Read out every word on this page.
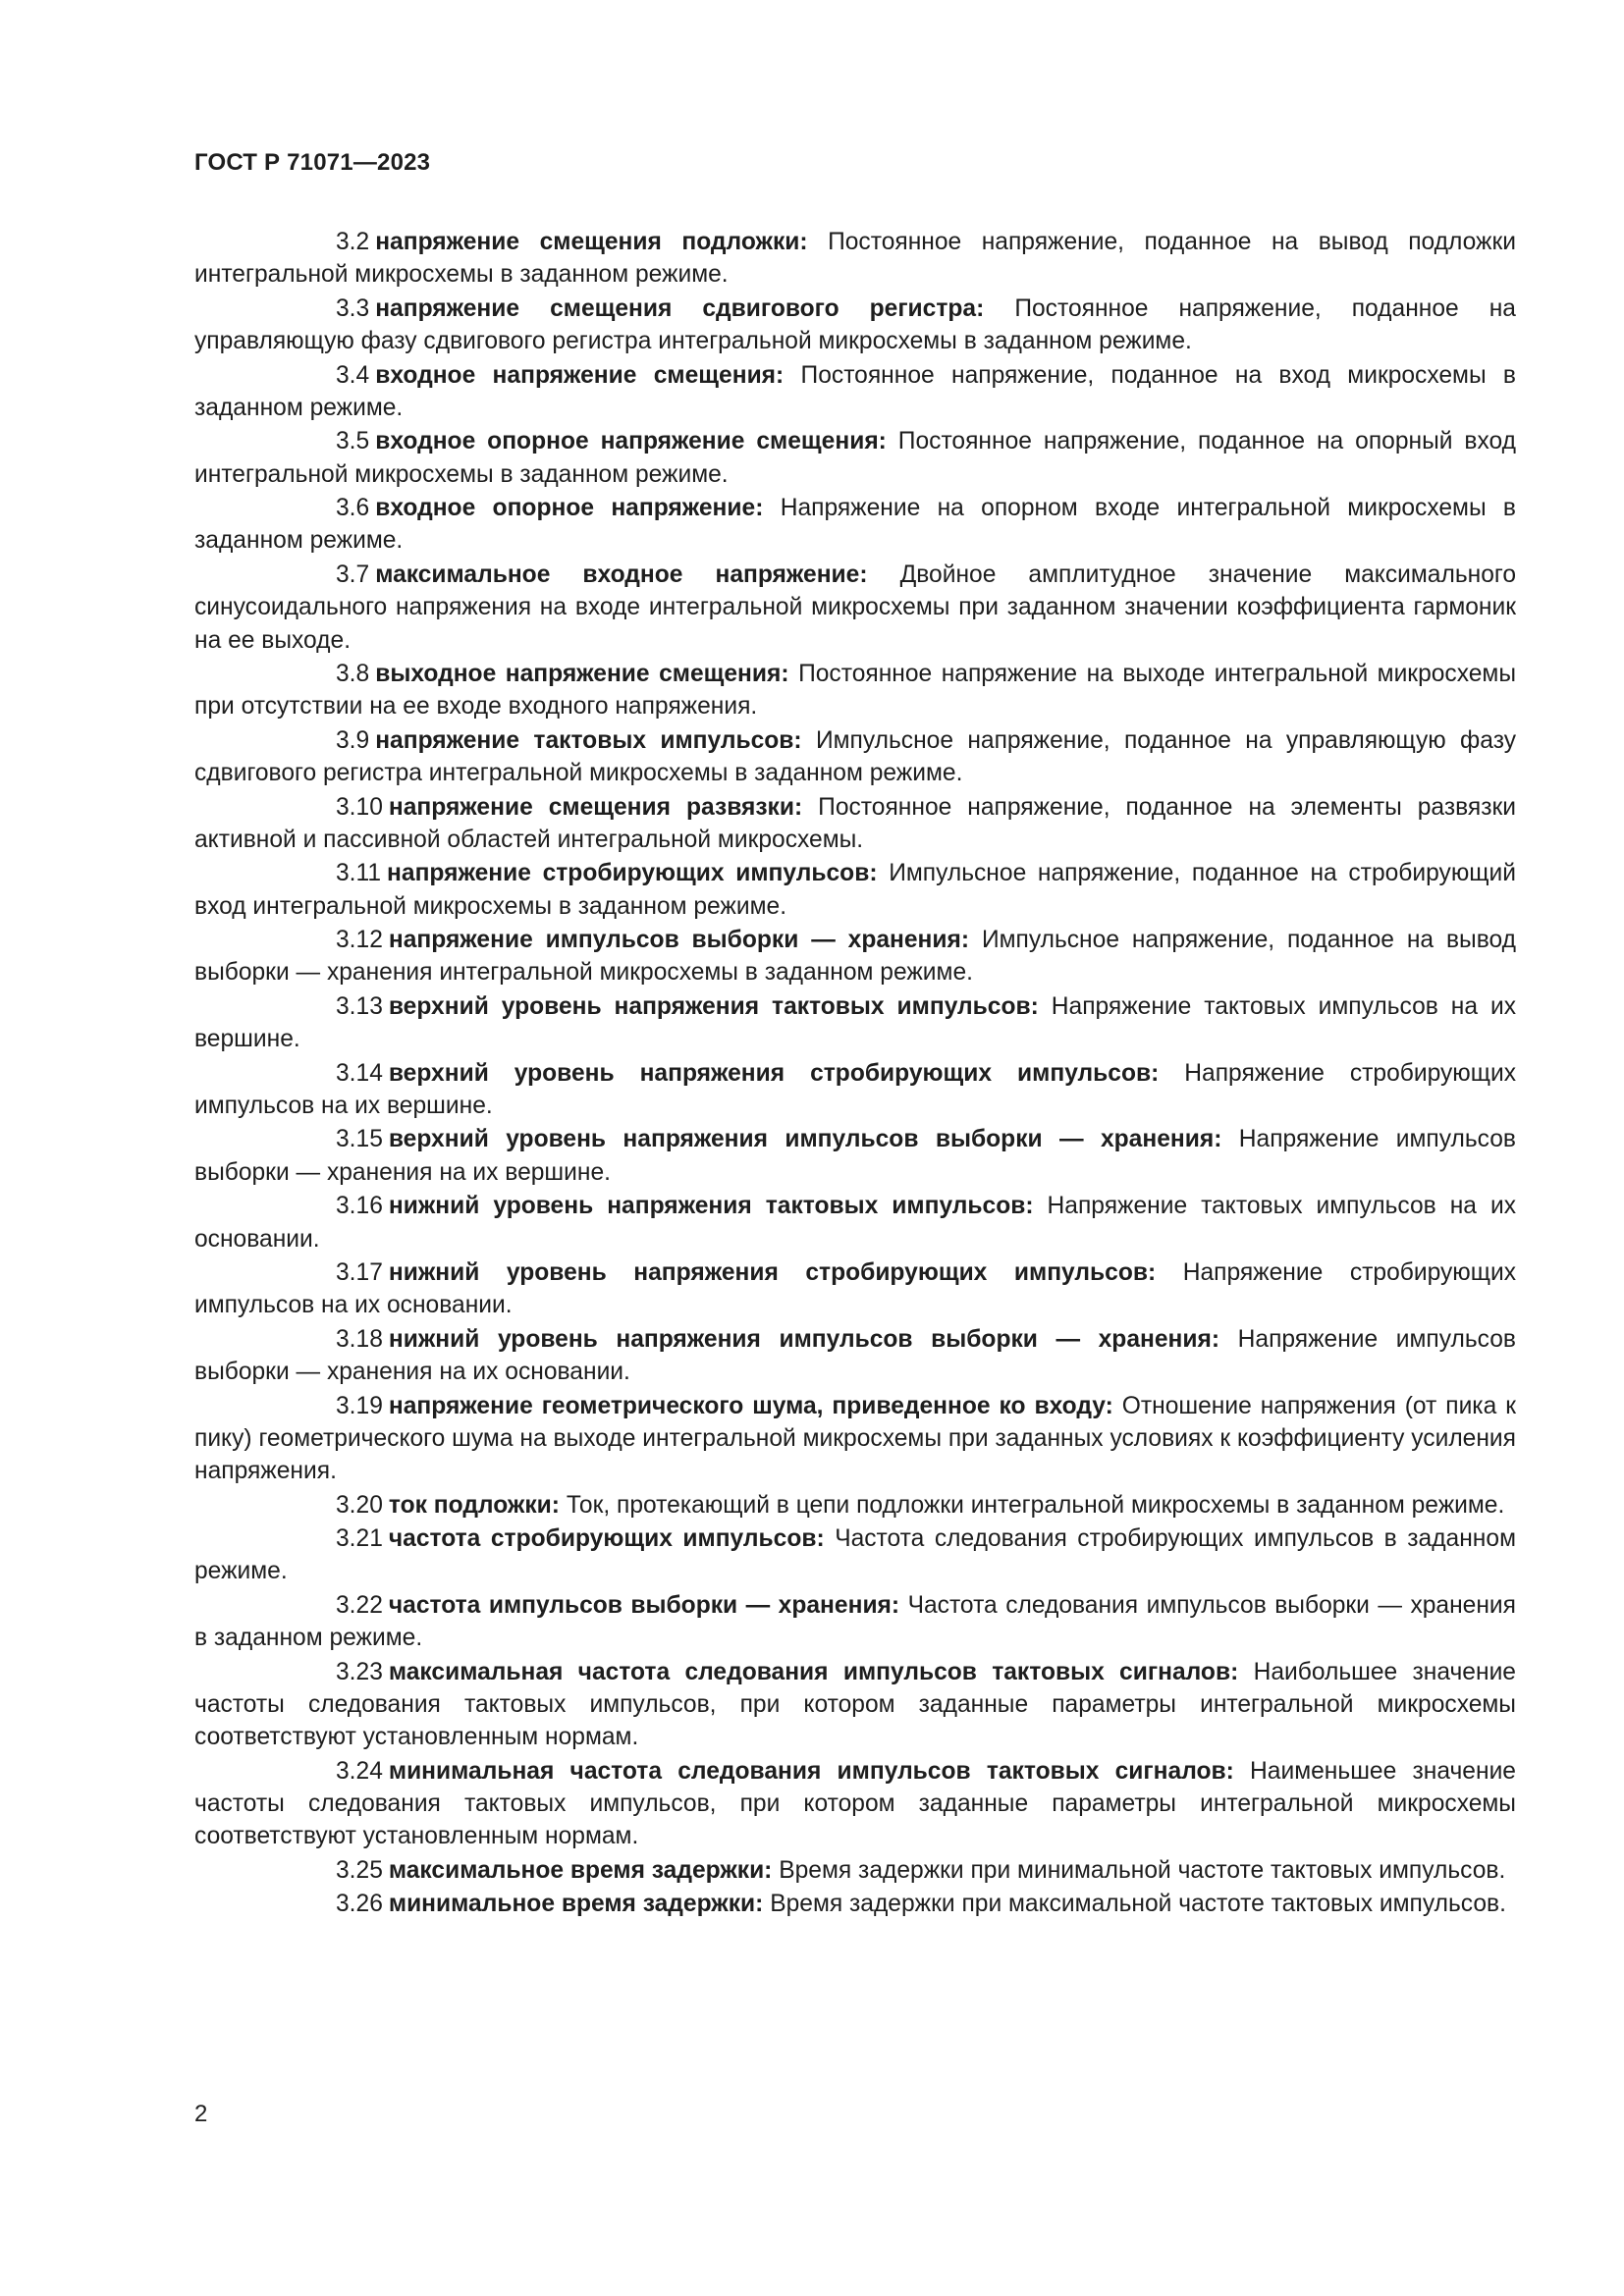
ГОСТ Р 71071—2023

3.2 напряжение смещения подложки: Постоянное напряжение, поданное на вывод подложки интегральной микросхемы в заданном режиме.

3.3 напряжение смещения сдвигового регистра: Постоянное напряжение, поданное на управляющую фазу сдвигового регистра интегральной микросхемы в заданном режиме.

3.4 входное напряжение смещения: Постоянное напряжение, поданное на вход микросхемы в заданном режиме.

3.5 входное опорное напряжение смещения: Постоянное напряжение, поданное на опорный вход интегральной микросхемы в заданном режиме.

3.6 входное опорное напряжение: Напряжение на опорном входе интегральной микросхемы в заданном режиме.

3.7 максимальное входное напряжение: Двойное амплитудное значение максимального синусоидального напряжения на входе интегральной микросхемы при заданном значении коэффициента гармоник на ее выходе.

3.8 выходное напряжение смещения: Постоянное напряжение на выходе интегральной микросхемы при отсутствии на ее входе входного напряжения.

3.9 напряжение тактовых импульсов: Импульсное напряжение, поданное на управляющую фазу сдвигового регистра интегральной микросхемы в заданном режиме.

3.10 напряжение смещения развязки: Постоянное напряжение, поданное на элементы развязки активной и пассивной областей интегральной микросхемы.

3.11 напряжение стробирующих импульсов: Импульсное напряжение, поданное на стробирующий вход интегральной микросхемы в заданном режиме.

3.12 напряжение импульсов выборки — хранения: Импульсное напряжение, поданное на вывод выборки — хранения интегральной микросхемы в заданном режиме.

3.13 верхний уровень напряжения тактовых импульсов: Напряжение тактовых импульсов на их вершине.

3.14 верхний уровень напряжения стробирующих импульсов: Напряжение стробирующих импульсов на их вершине.

3.15 верхний уровень напряжения импульсов выборки — хранения: Напряжение импульсов выборки — хранения на их вершине.

3.16 нижний уровень напряжения тактовых импульсов: Напряжение тактовых импульсов на их основании.

3.17 нижний уровень напряжения стробирующих импульсов: Напряжение стробирующих импульсов на их основании.

3.18 нижний уровень напряжения импульсов выборки — хранения: Напряжение импульсов выборки — хранения на их основании.

3.19 напряжение геометрического шума, приведенное ко входу: Отношение напряжения (от пика к пику) геометрического шума на выходе интегральной микросхемы при заданных условиях к коэффициенту усиления напряжения.

3.20 ток подложки: Ток, протекающий в цепи подложки интегральной микросхемы в заданном режиме.

3.21 частота стробирующих импульсов: Частота следования стробирующих импульсов в заданном режиме.

3.22 частота импульсов выборки — хранения: Частота следования импульсов выборки — хранения в заданном режиме.

3.23 максимальная частота следования импульсов тактовых сигналов: Наибольшее значение частоты следования тактовых импульсов, при котором заданные параметры интегральной микросхемы соответствуют установленным нормам.

3.24 минимальная частота следования импульсов тактовых сигналов: Наименьшее значение частоты следования тактовых импульсов, при котором заданные параметры интегральной микросхемы соответствуют установленным нормам.

3.25 максимальное время задержки: Время задержки при минимальной частоте тактовых импульсов.

3.26 минимальное время задержки: Время задержки при максимальной частоте тактовых импульсов.

2
